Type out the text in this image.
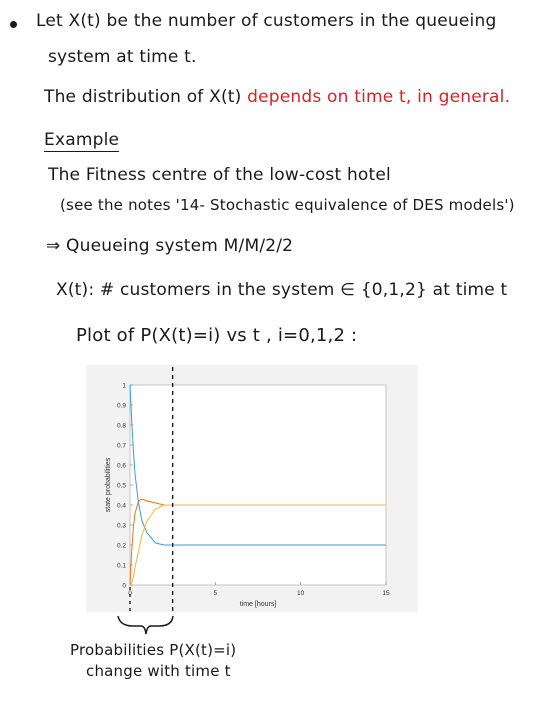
Let X(t) be the number of customers in the queueing
system at time t.
The distribution of X(t) depends on time t, in general.
Example
The Fitness centre of the low-cost hotel
(see the notes '14- Stochastic equivalence of DES models')
⇒ Queueing system M/M/2/2
X(t): # customers in the system ∈ {0,1,2} at time t
Plot of P(X(t)=i) vs t , i=0,1,2 :
0
0.1
0.2
0.3
0.4
0.5
0.6
0.7
0.8
0.9
1
0	5	10	15
time [hours]
state probabilities
Probabilities P(X(t)=i)
change with time t
